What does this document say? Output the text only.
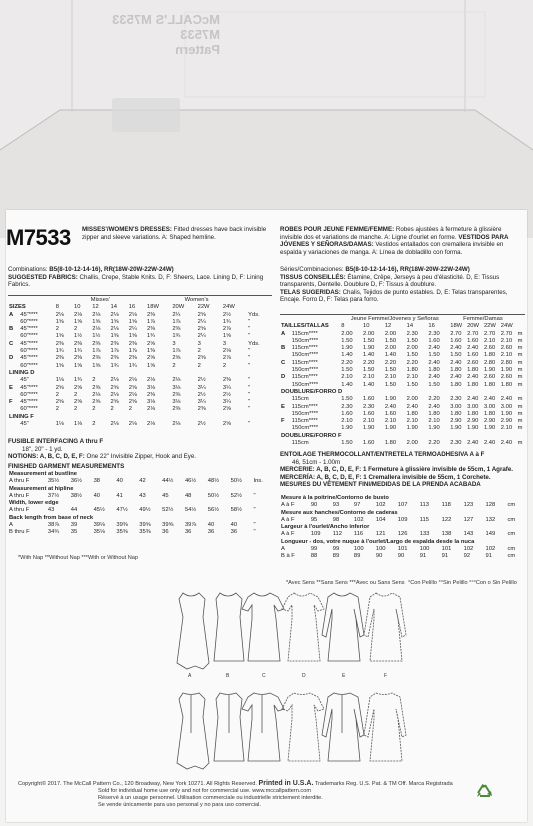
McCALL'S M7533
M7533
Pattern
M7533 MISSES'/WOMEN'S DRESSES: Fitted dresses have back invisible zipper and sleeve variations. A: Shaped hemline.
Combinations: B5(8-10-12-14-16), RR(18W-20W-22W-24W)
SUGGESTED FABRICS: Challis, Crepe, Stable Knits. D, F: Sheers, Lace. Lining D, F: Lining Fabrics.
		Misses'					Women's				
SIZES		8	10	12	14	16	18W	20W	22W	24W	
A	45"****	2⅛	2⅛	2⅛	2⅛	2⅛	2⅜	2¼	2⅝	2½	Yds.
	60"****	1⅝	1⅝	1⅝	1⅝	1⅝	1⅞	1⅞	2¼	1¾	"
B	45"****	2	2	2⅛	2⅛	2¼	2⅜	2⅜	2⅝	2⅞	"
	60"****	1⅝	1½	1½	1⅝	1⅝	1¾	1¾	2¼	1⅝	"
C	45"****	2⅜	2⅜	2⅜	2⅜	2⅜	2⅝	3	3	3	Yds.
	60"****	1¾	1¾	1⅞	1⅞	1⅞	1⅜	1⅞	2	2⅛	"
D	45"****	2⅜	2⅜	2⅜	2⅜	2⅜	2⅝	2⅝	2⅝	2⅞	"
	60"****	1⅝	1⅝	1⅝	1¾	1¾	1⅝	2	2	2	"
LINING D											
	45"	1⅛	1¾	2	2⅛	2⅛	2⅛	2⅛	2½	2⅜	"
E	45"****	2⅝	2⅝	2⅝	2⅝	2⅝	3⅛	3⅛	3¼	3¼	"
	60"****	2	2	2⅛	2⅛	2⅛	2⅜	2⅜	2½	2½	"
F	45"****	2⅝	2⅝	2⅝	2⅝	2⅝	3⅛	3⅛	3¼	3¼	"
	60"****	2	2	2	2	2	2⅛	2⅜	2⅜	2⅝	"
LINING F											
	45"	1⅛	1⅛	2	2⅛	2⅛	2⅛	2⅛	2½	2⅝	"
FUSIBLE INTERFACING A thru F
18", 20" - 1 yd.
NOTIONS: A, B, C, D, E, F: One 22" Invisible Zipper, Hook and Eye.
FINISHED GARMENT MEASUREMENTS
Measurement at bustline										
A thru F	35½	36½	38	40	42	44½	46½	48½	50½	Ins.
Measurement at hipline										
A thru F	37½	38½	40	41	43	45	48	50½	52½	"
Width, lower edge										
A thru F	43	44	45½	47½	49½	52½	54½	56½	58½	"
Back length from base of neck										
A	38⅞	39	39⅛	39⅜	39⅝	39⅝	39⅞	40	40	"
B thru F	34¾	35	35⅛	35⅜	35⅜	36	36	36	36	"
*With Nap **Without Nap ***With or Without Nap
ROBES POUR JEUNE FEMME/FEMME: Robes ajustées à fermeture à glissière invisible dos et variations de manche. A: Ligne d'ourlet en forme. VESTIDOS PARA JÓVENES Y SEÑORAS/DAMAS: Vestidos entallados con cremallera invisible en espalda y variaciones de manga. A: Línea de dobladillo con forma.
Séries/Combinaciones: B5(8-10-12-14-16), RR(18W-20W-22W-24W)
TISSUS CONSEILLÉS: Étamine, Crêpe, Jerseys à peu d'élasticité. D, E: Tissus transparents, Dentelle. Doublure D, F: Tissus à doublure.
TELAS SUGERIDAS: Chalis, Tejidos de punto estables. D, E: Telas transparentes, Encaje. Forro D, F: Telas para forro.
		Jeune Femme/Jóvenes y Señoras					Femme/Damas				
TAILLES/TALLAS		8	10	12	14	16	18W	20W	22W	24W	
A	115cm****	2.00	2.00	2.00	2.30	2.30	2.70	2.70	2.70	2.70	m
	150cm****	1.50	1.50	1.50	1.50	1.60	1.60	1.60	2.10	2.10	m
B	115cm****	1.90	1.90	2.00	2.00	2.40	2.40	2.40	2.60	2.60	m
	150cm****	1.40	1.40	1.40	1.50	1.50	1.50	1.60	1.80	2.10	m
C	115cm****	2.20	2.20	2.20	2.20	2.40	2.40	2.60	2.80	2.80	m
	150cm****	1.50	1.50	1.50	1.80	1.80	1.80	1.80	1.90	1.90	m
D	115cm****	2.10	2.10	2.10	2.10	2.40	2.40	2.40	2.60	2.60	m
	150cm****	1.40	1.40	1.50	1.50	1.50	1.80	1.80	1.80	1.80	m
DOUBLURE/FORRO D											
	115cm	1.50	1.60	1.90	2.00	2.20	2.30	2.40	2.40	2.40	m
E	115cm****	2.30	2.30	2.40	2.40	2.40	3.00	3.00	3.00	3.00	m
	150cm****	1.60	1.60	1.60	1.80	1.80	1.80	1.80	1.80	1.90	m
F	115cm****	2.10	2.10	2.10	2.10	2.10	2.90	2.90	2.90	2.90	m
	150cm****	1.90	1.90	1.90	1.90	1.90	1.90	1.90	1.90	2.10	m
DOUBLURE/FORRO F											
	115cm	1.50	1.60	1.80	2.00	2.20	2.30	2.40	2.40	2.40	m
ENTOILAGE THERMOCOLLANT/ENTRETELA TERMOADHESIVA A à F
46, 51cm - 1.00m
MERCERIE: A, B, C, D, E, F: 1 Fermeture à glissière invisible de 55cm, 1 Agrafe.
MERCERÍA: A, B, C, D, E, F: 1 Cremallera invisible de 55cm, 1 Corchete.
MESURES DU VÊTEMENT FINI/MEDIDAS DE LA PRENDA ACABADA
Mesure à la poitrine/Contorno de busto										
A à F	90	93	97	102	107	113	118	123	128	cm
Mesure aux hanches/Contorno de caderas										
A à F	95	98	102	104	109	115	122	127	132	cm
Largeur à l'ourlet/Ancho inferior										
A à F	109	112	116	121	126	133	138	143	149	cm
Longueur - dos, votre nuque à l'ourlet/Largo de espalda desde la nuca										
A	99	99	100	100	101	100	101	102	102	cm
B à F	88	89	89	90	90	91	91	92	91	cm
*Avec Sens **Sans Sens ***Avec ou Sans Sens °Con Pelillo °°Sin Pelillo °°°Con o Sin Pelillo
A	B	C	D	E	F
Copyright© 2017. The McCall Pattern Co., 120 Broadway, New York 10271. All Rights Reserved. Printed in U.S.A. Trademarks Reg. U.S. Pat. & TM Off. Marca Registrada
Sold for individual home use only and not for commercial use. www.mccallpattern.com
Réservé à un usage personnel. Utilisation commerciale ou industrielle strictement interdite.
Se vende únicamente para uso personal y no para uso comercial.
